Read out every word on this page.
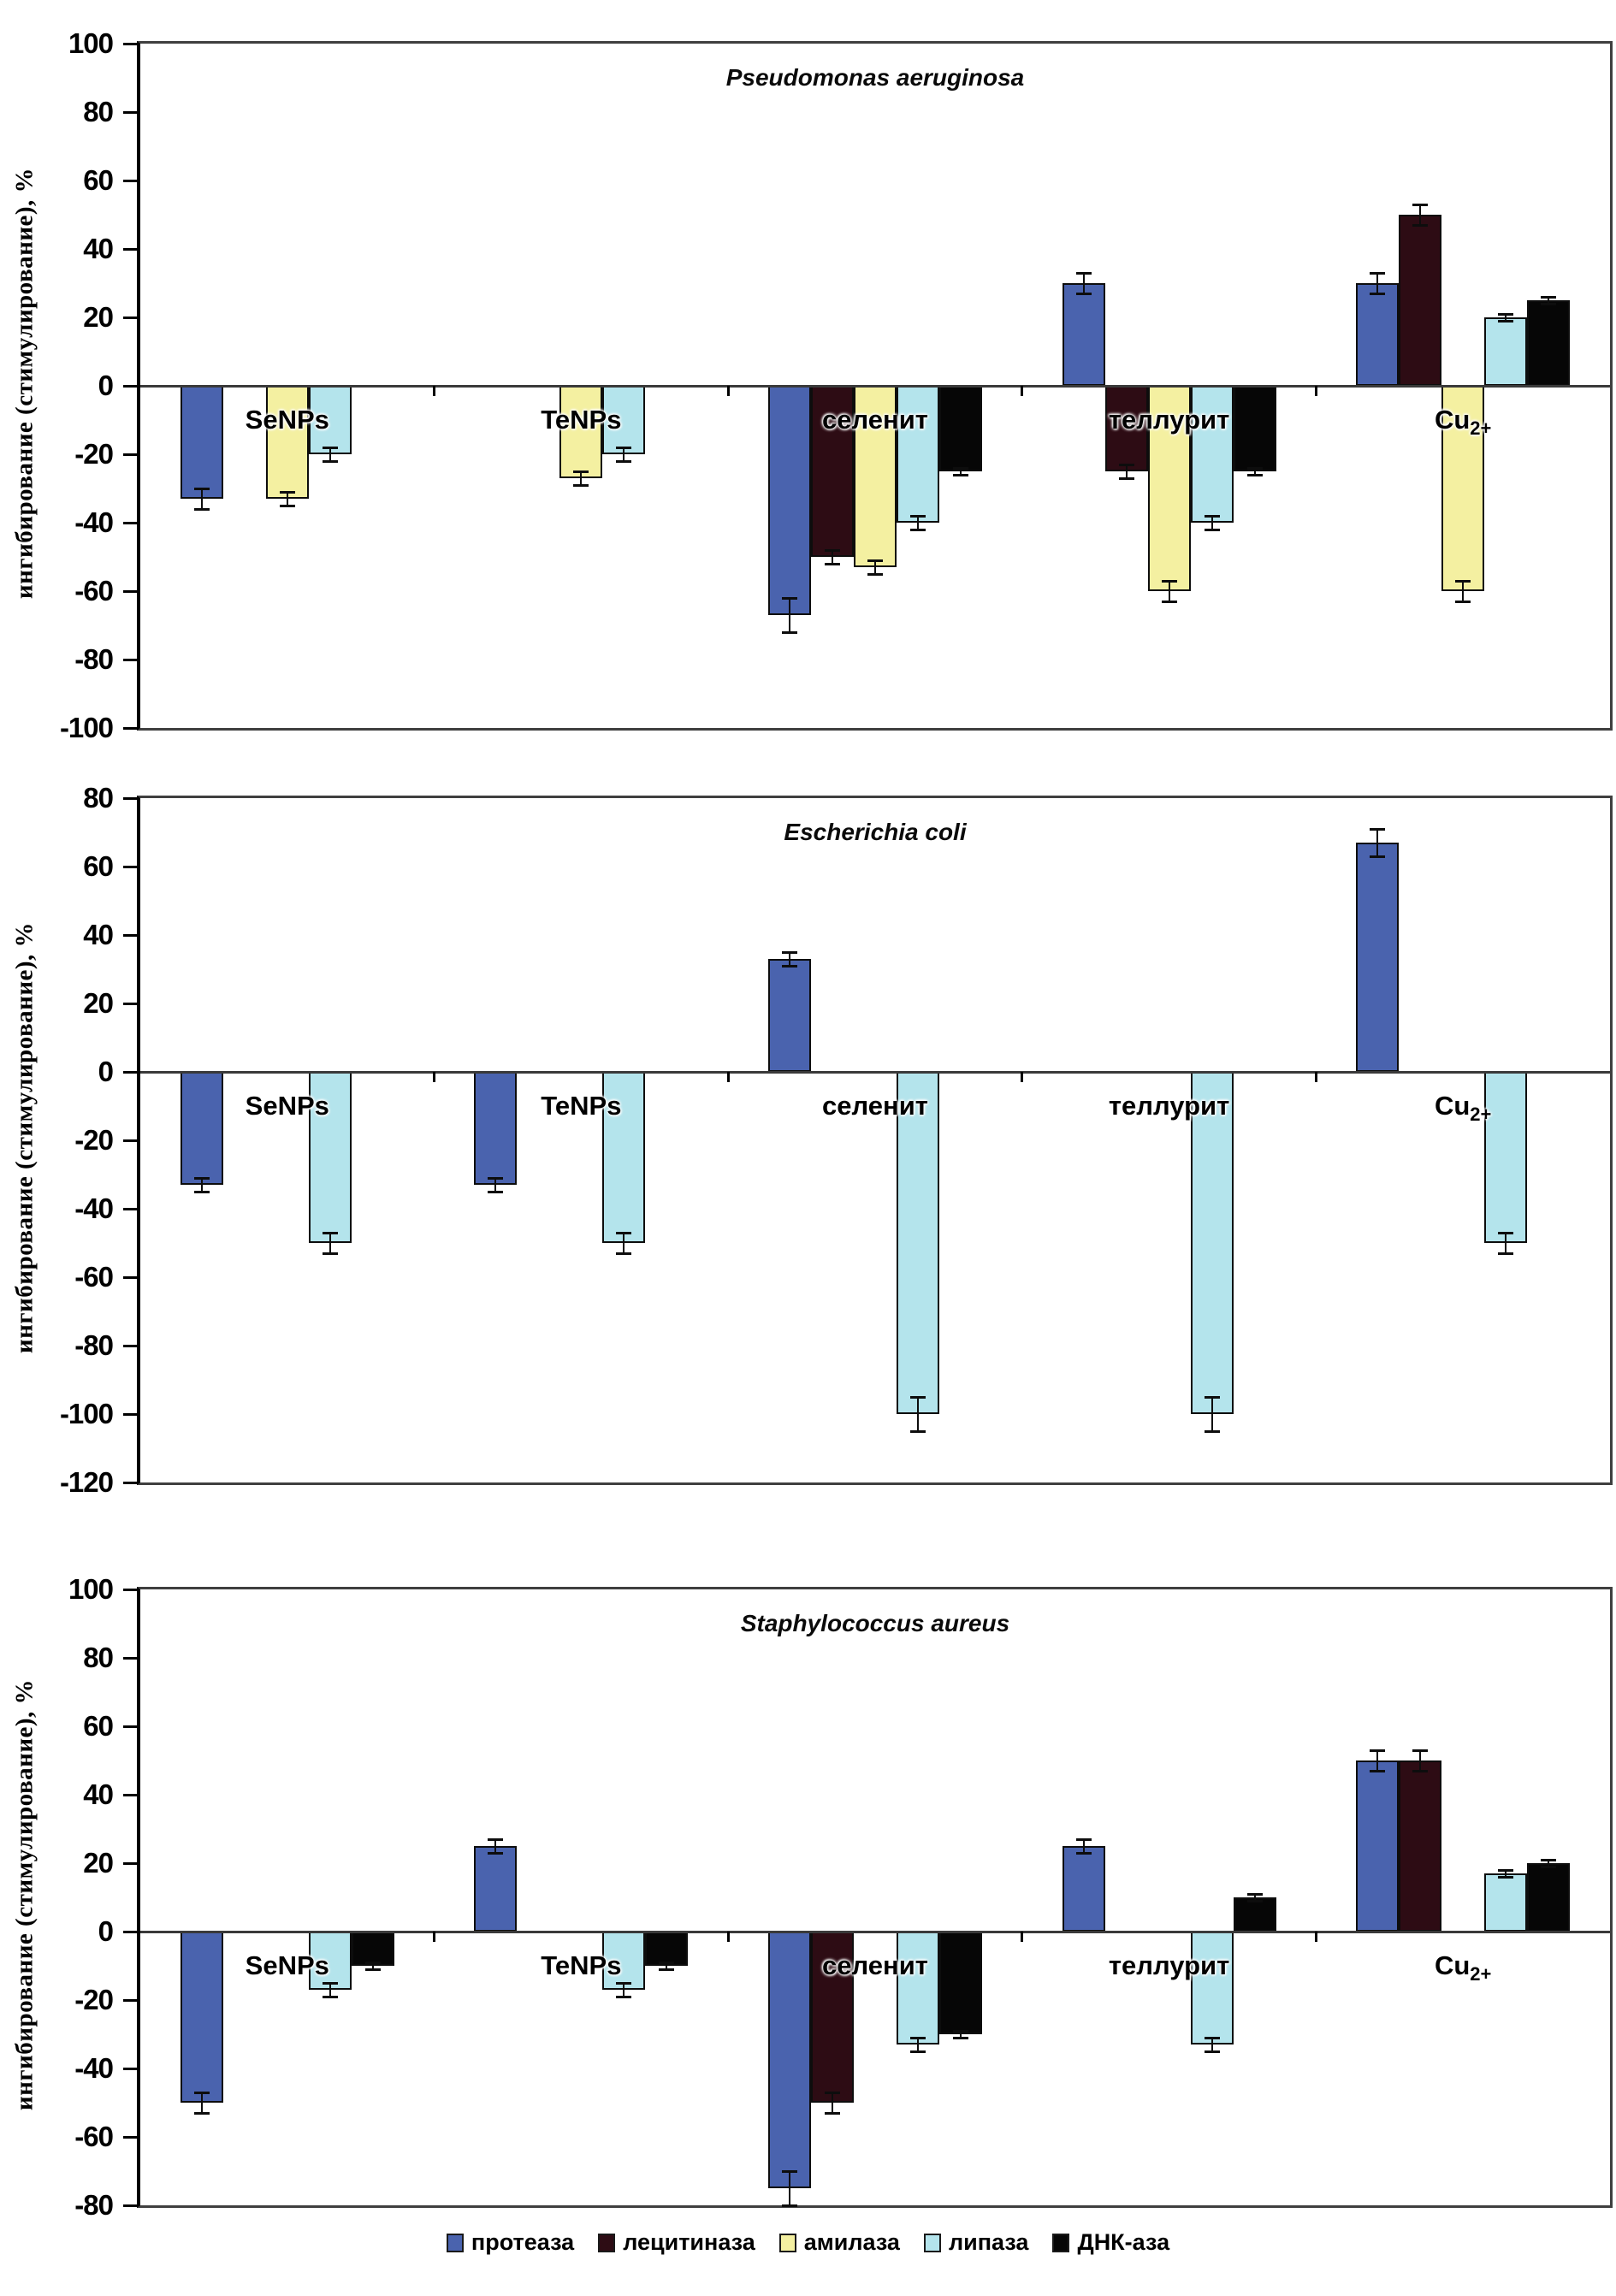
ингибирование (стимулирование), %
Pseudomonas aeruginosa
100
80
60
40
20
0
-20
-40
-60
-80
-100
SeNPs	TeNPs	селенит	теллурит	$Cu_{2+}$
ингибирование (стимулирование), %
Escherichia coli
80
60
40
20
0
-20
-40
-60
-80
-100
-120
SeNPs	TeNPs	селенит	теллурит	$Cu_{2+}$
ингибирование (стимулирование), %
Staphylococcus aureus
100
80
60
40
20
0
-20
-40
-60
-80
SeNPs	TeNPs	селенит	теллурит	$Cu_{2+}$
протеаза лецитиназа амилаза липаза ДНК-аза
